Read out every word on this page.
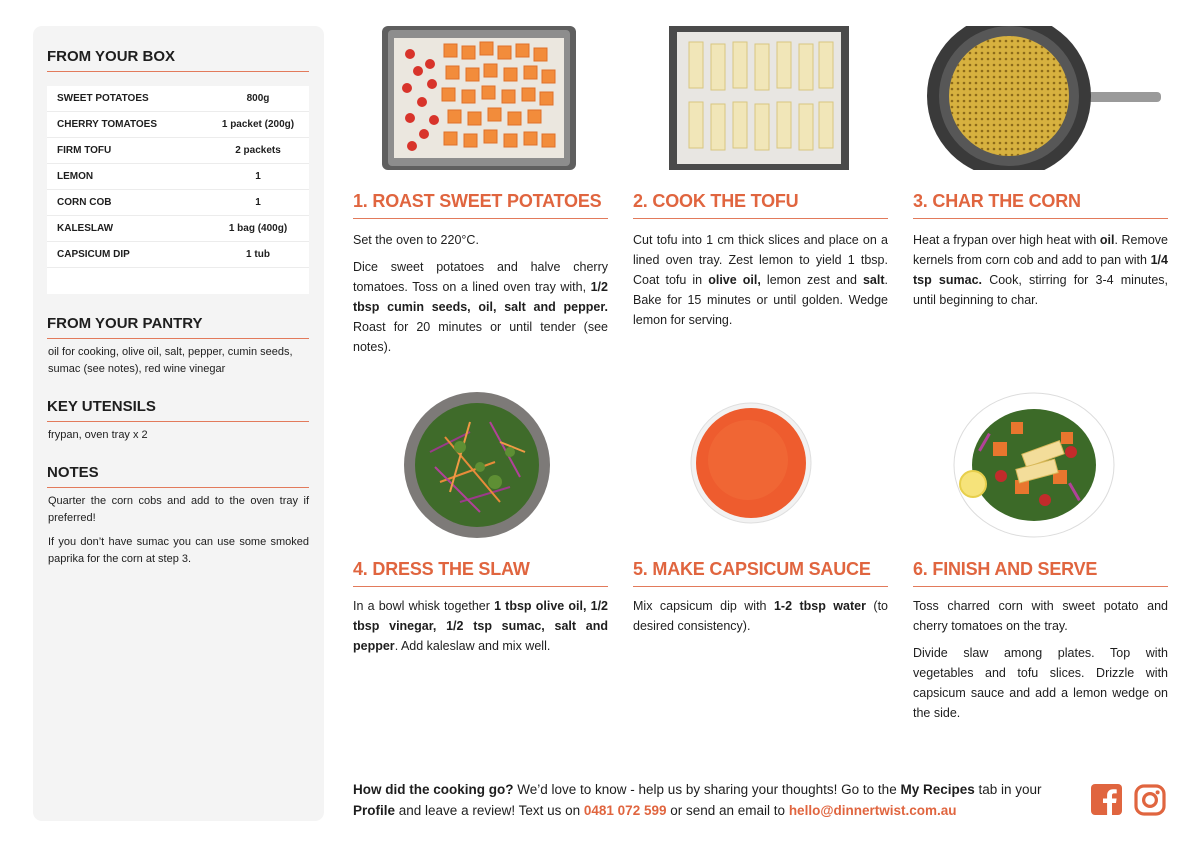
FROM YOUR BOX
SWEET POTATOES	800g
CHERRY TOMATOES	1 packet (200g)
FIRM TOFU	2 packets
LEMON	1
CORN COB	1
KALESLAW	1 bag (400g)
CAPSICUM DIP	1 tub
FROM YOUR PANTRY
oil for cooking, olive oil, salt, pepper, cumin seeds, sumac (see notes), red wine vinegar
KEY UTENSILS
frypan, oven tray x 2
NOTES
Quarter the corn cobs and add to the oven tray if preferred!
If you don’t have sumac you can use some smoked paprika for the corn at step 3.
1. ROAST SWEET POTATOES

Set the oven to 220°C.

Dice sweet potatoes and halve cherry tomatoes. Toss on a lined oven tray with, 1/2 tbsp cumin seeds, oil, salt and pepper. Roast for 20 minutes or until tender (see notes).

2. COOK THE TOFU

Cut tofu into 1 cm thick slices and place on a lined oven tray. Zest lemon to yield 1 tbsp. Coat tofu in olive oil, lemon zest and salt. Bake for 15 minutes or until golden. Wedge lemon for serving.

3. CHAR THE CORN

Heat a frypan over high heat with oil. Remove kernels from corn cob and add to pan with 1/4 tsp sumac. Cook, stirring for 3-4 minutes, until beginning to char.

4. DRESS THE SLAW

In a bowl whisk together 1 tbsp olive oil, 1/2 tbsp vinegar, 1/2 tsp sumac, salt and pepper. Add kaleslaw and mix well.

5. MAKE CAPSICUM SAUCE

Mix capsicum dip with 1-2 tbsp water (to desired consistency).

6. FINISH AND SERVE

Toss charred corn with sweet potato and cherry tomatoes on the tray.

Divide slaw among plates. Top with vegetables and tofu slices. Drizzle with capsicum sauce and add a lemon wedge on the side.

How did the cooking go? We’d love to know - help us by sharing your thoughts! Go to the My Recipes tab in your Profile and leave a review! Text us on 0481 072 599 or send an email to hello@dinnertwist.com.au
